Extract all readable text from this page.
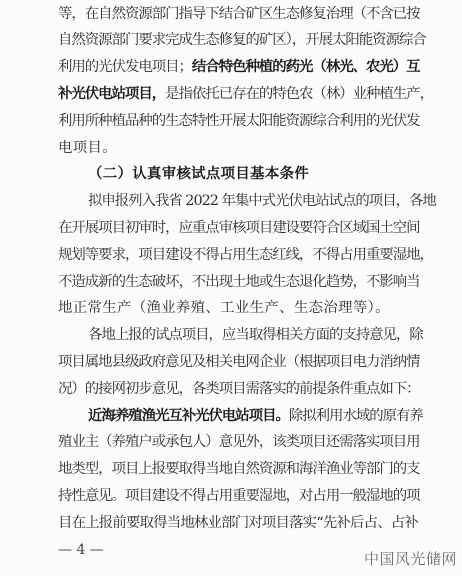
等，在自然资源部门指导下结合矿区生态修复治理（不含已按
自然资源部门要求完成生态修复的矿区），开展太阳能资源综合
利用的光伏发电项目；结合特色种植的药光（林光、农光）互
补光伏电站项目，是指依托已存在的特色农（林）业种植生产，
利用所种植品种的生态特性开展太阳能资源综合利用的光伏发
电项目。
（二）认真审核试点项目基本条件
拟申报列入我省 2022 年集中式光伏电站试点的项目，各地
在开展项目初审时，应重点审核项目建设要符合区域国土空间
规划等要求，项目建设不得占用生态红线，不得占用重要湿地，
不造成新的生态破坏，不出现土地或生态退化趋势，不影响当
地正常生产（渔业养殖、工业生产、生态治理等）。
各地上报的试点项目，应当取得相关方面的支持意见，除
项目属地县级政府意见及相关电网企业（根据项目电力消纳情
况）的接网初步意见，各类项目需落实的前提条件重点如下：
近海养殖渔光互补光伏电站项目。除拟利用水域的原有养
殖业主（养殖户或承包人）意见外，该类项目还需落实项目用
地类型，项目上报要取得当地自然资源和海洋渔业等部门的支
持性意见。项目建设不得占用重要湿地，对占用一般湿地的项
目在上报前要取得当地林业部门对项目落实“先补后占、占补
— 4 —	中国风光储网
